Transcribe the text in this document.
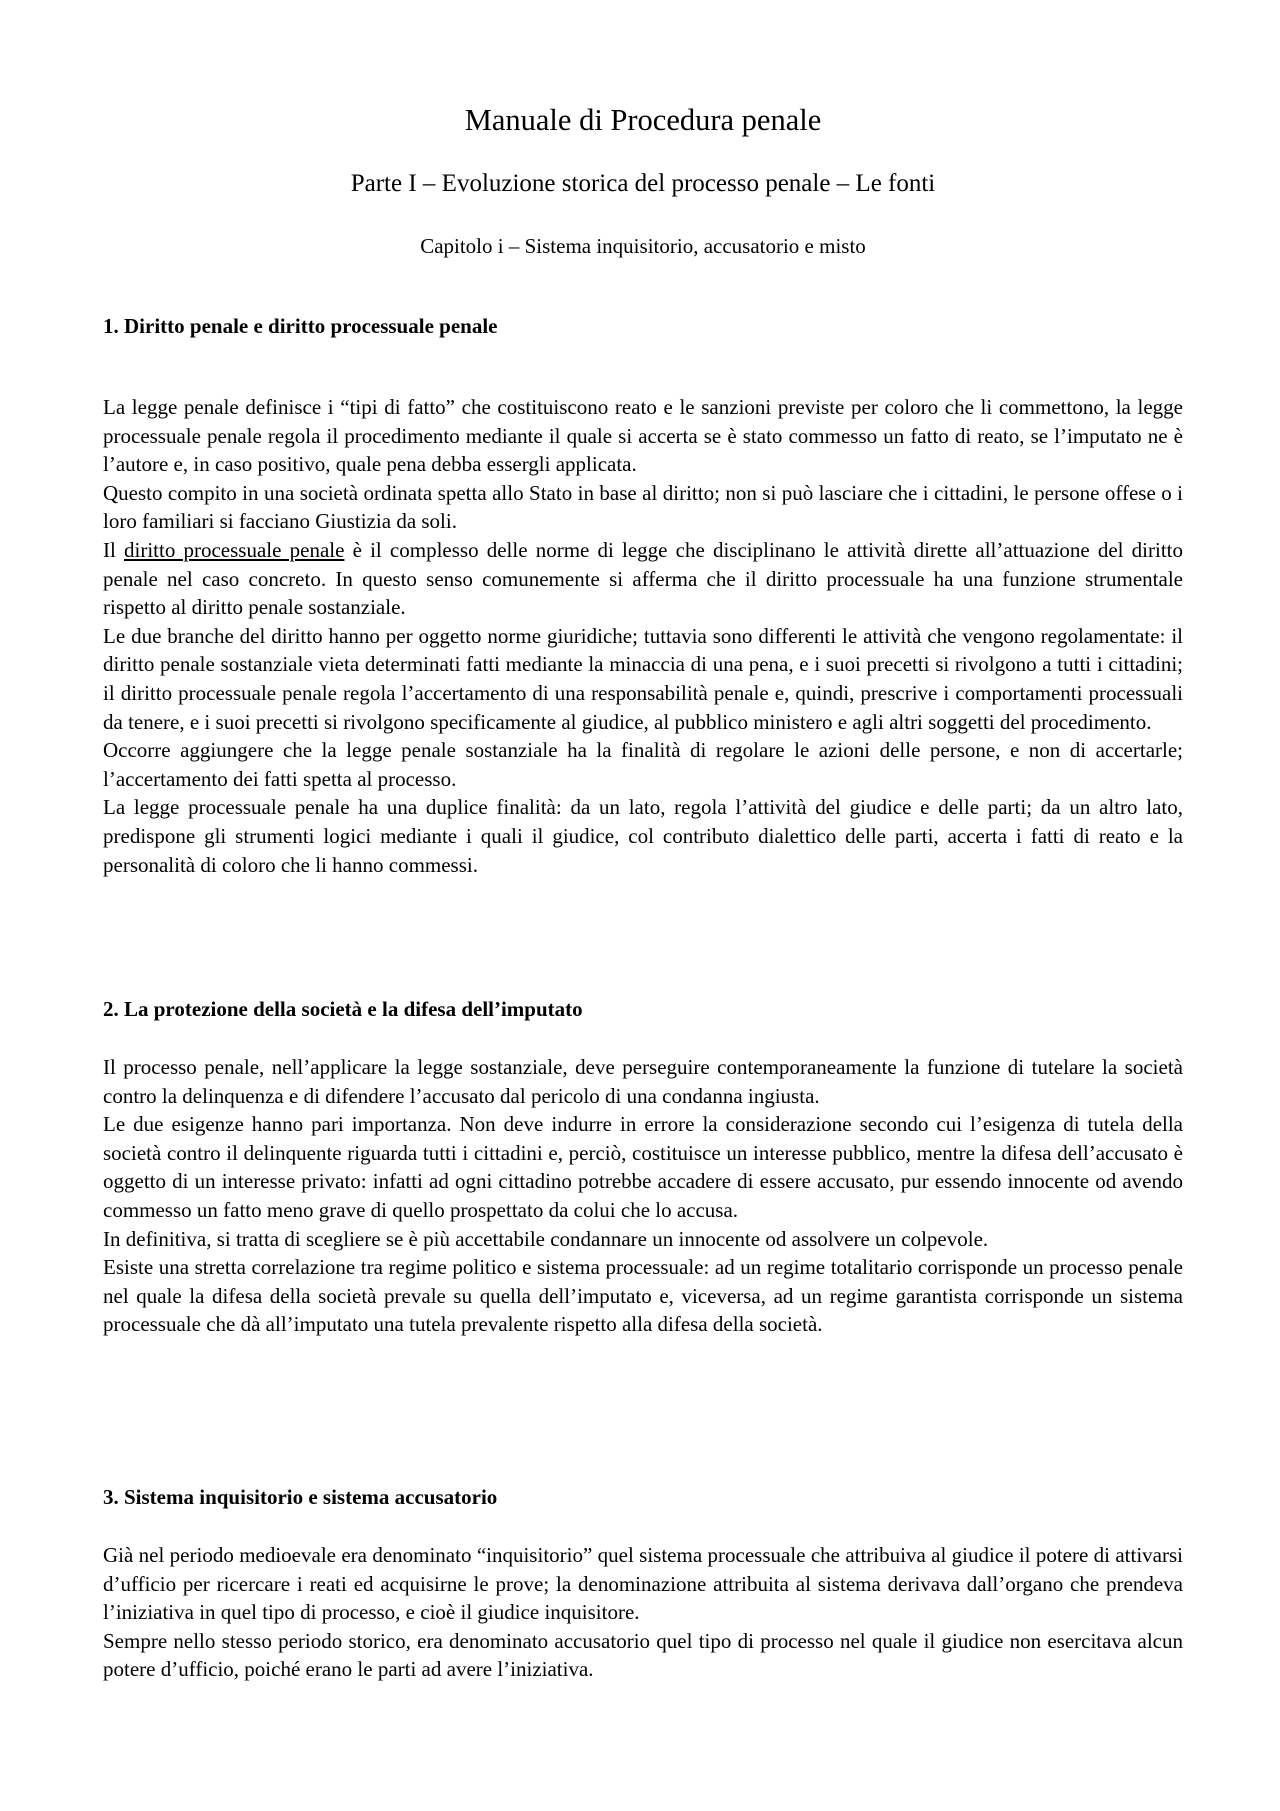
Manuale di Procedura penale
Parte I – Evoluzione storica del processo penale – Le fonti
Capitolo i – Sistema inquisitorio, accusatorio e misto
1. Diritto penale e diritto processuale penale

La legge penale definisce i “tipi di fatto” che costituiscono reato e le sanzioni previste per coloro che li commettono, la legge processuale penale regola il procedimento mediante il quale si accerta se è stato commesso un fatto di reato, se l’imputato ne è l’autore e, in caso positivo, quale pena debba essergli applicata.

Questo compito in una società ordinata spetta allo Stato in base al diritto; non si può lasciare che i cittadini, le persone offese o i loro familiari si facciano Giustizia da soli.

Il diritto processuale penale è il complesso delle norme di legge che disciplinano le attività dirette all’attuazione del diritto penale nel caso concreto. In questo senso comunemente si afferma che il diritto processuale ha una funzione strumentale rispetto al diritto penale sostanziale.

Le due branche del diritto hanno per oggetto norme giuridiche; tuttavia sono differenti le attività che vengono regolamentate: il diritto penale sostanziale vieta determinati fatti mediante la minaccia di una pena, e i suoi precetti si rivolgono a tutti i cittadini; il diritto processuale penale regola l’accertamento di una responsabilità penale e, quindi, prescrive i comportamenti processuali da tenere, e i suoi precetti si rivolgono specificamente al giudice, al pubblico ministero e agli altri soggetti del procedimento.

Occorre aggiungere che la legge penale sostanziale ha la finalità di regolare le azioni delle persone, e non di accertarle; l’accertamento dei fatti spetta al processo.

La legge processuale penale ha una duplice finalità: da un lato, regola l’attività del giudice e delle parti; da un altro lato, predispone gli strumenti logici mediante i quali il giudice, col contributo dialettico delle parti, accerta i fatti di reato e la personalità di coloro che li hanno commessi.

2. La protezione della società e la difesa dell’imputato

Il processo penale, nell’applicare la legge sostanziale, deve perseguire contemporaneamente la funzione di tutelare la società contro la delinquenza e di difendere l’accusato dal pericolo di una condanna ingiusta.

Le due esigenze hanno pari importanza. Non deve indurre in errore la considerazione secondo cui l’esigenza di tutela della società contro il delinquente riguarda tutti i cittadini e, perciò, costituisce un interesse pubblico, mentre la difesa dell’accusato è oggetto di un interesse privato: infatti ad ogni cittadino potrebbe accadere di essere accusato, pur essendo innocente od avendo commesso un fatto meno grave di quello prospettato da colui che lo accusa.

In definitiva, si tratta di scegliere se è più accettabile condannare un innocente od assolvere un colpevole.

Esiste una stretta correlazione tra regime politico e sistema processuale: ad un regime totalitario corrisponde un processo penale nel quale la difesa della società prevale su quella dell’imputato e, viceversa, ad un regime garantista corrisponde un sistema processuale che dà all’imputato una tutela prevalente rispetto alla difesa della società.

3. Sistema inquisitorio e sistema accusatorio

Già nel periodo medioevale era denominato “inquisitorio” quel sistema processuale che attribuiva al giudice il potere di attivarsi d’ufficio per ricercare i reati ed acquisirne le prove; la denominazione attribuita al sistema derivava dall’organo che prendeva l’iniziativa in quel tipo di processo, e cioè il giudice inquisitore.

Sempre nello stesso periodo storico, era denominato accusatorio quel tipo di processo nel quale il giudice non esercitava alcun potere d’ufficio, poiché erano le parti ad avere l’iniziativa.
